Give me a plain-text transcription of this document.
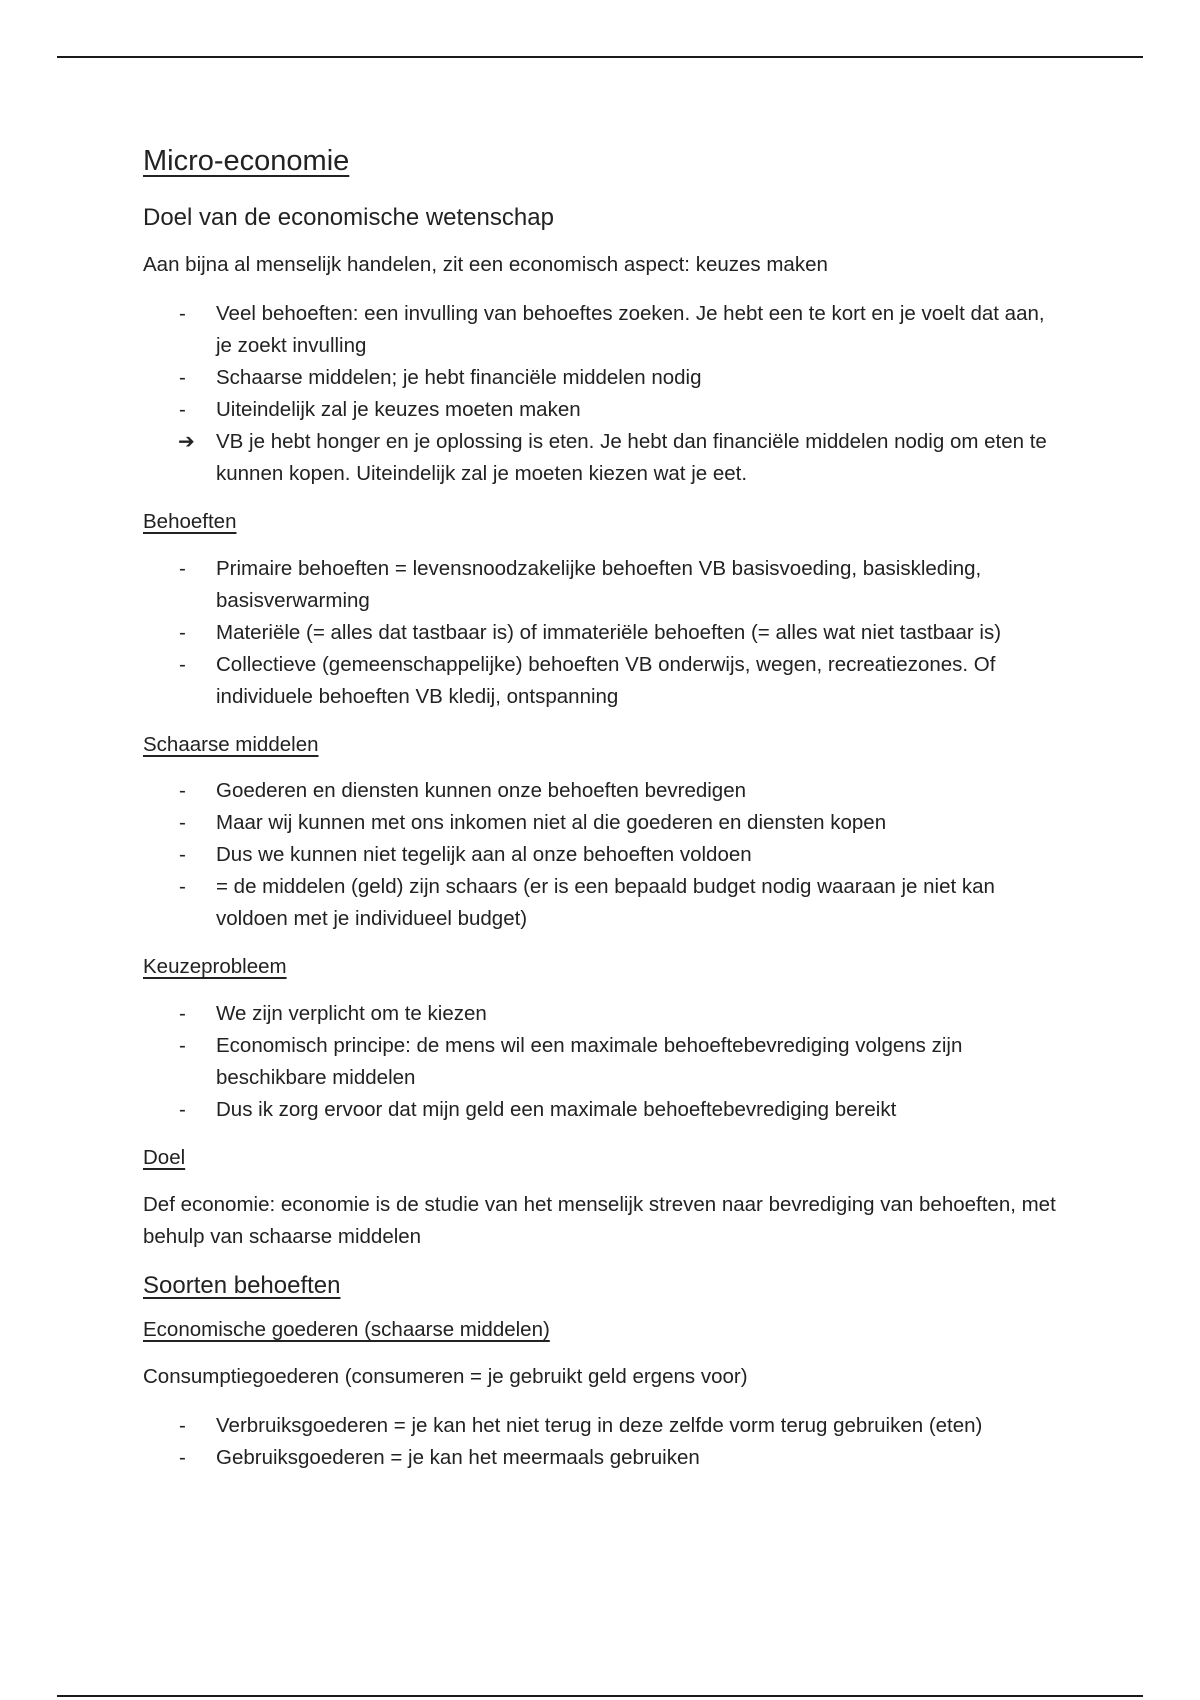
Micro-economie
Doel van de economische wetenschap
Aan bijna al menselijk handelen, zit een economisch aspect: keuzes maken
-	Veel behoeften: een invulling van behoeftes zoeken. Je hebt een te kort en je voelt dat aan, je zoekt invulling
-	Schaarse middelen; je hebt financiële middelen nodig
-	Uiteindelijk zal je keuzes moeten maken
➔	VB je hebt honger en je oplossing is eten. Je hebt dan financiële middelen nodig om eten te kunnen kopen. Uiteindelijk zal je moeten kiezen wat je eet.
Behoeften
-	Primaire behoeften = levensnoodzakelijke behoeften VB basisvoeding, basiskleding, basisverwarming
-	Materiële (= alles dat tastbaar is) of immateriële behoeften (= alles wat niet tastbaar is)
-	Collectieve (gemeenschappelijke) behoeften VB onderwijs, wegen, recreatiezones. Of individuele behoeften VB kledij, ontspanning
Schaarse middelen
-	Goederen en diensten kunnen onze behoeften bevredigen
-	Maar wij kunnen met ons inkomen niet al die goederen en diensten kopen
-	Dus we kunnen niet tegelijk aan al onze behoeften voldoen
-	= de middelen (geld) zijn schaars (er is een bepaald budget nodig waaraan je niet kan voldoen met je individueel budget)
Keuzeprobleem
-	We zijn verplicht om te kiezen
-	Economisch principe: de mens wil een maximale behoeftebevrediging volgens zijn beschikbare middelen
-	Dus ik zorg ervoor dat mijn geld een maximale behoeftebevrediging bereikt
Doel
Def economie: economie is de studie van het menselijk streven naar bevrediging van behoeften, met behulp van schaarse middelen
Soorten behoeften
Economische goederen (schaarse middelen)
Consumptiegoederen (consumeren = je gebruikt geld ergens voor)
-	Verbruiksgoederen = je kan het niet terug in deze zelfde vorm terug gebruiken (eten)
-	Gebruiksgoederen = je kan het meermaals gebruiken
